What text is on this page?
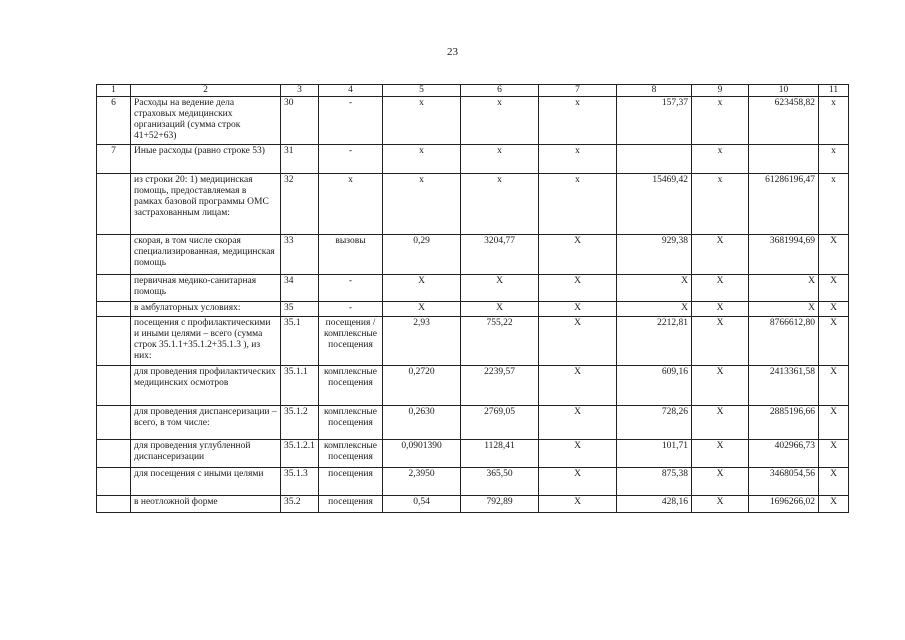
23
1	2	3	4	5	6	7	8	9	10	11
6	Расходы на ведение дела страховых медицинских организаций (сумма строк 41+52+63)	30	-	x	x	x	157,37	x	623458,82	x
7	Иные расходы (равно строке 53)	31	-	x	x	x		x		x
	из строки 20: 1) медицинская помощь, предоставляемая в рамках базовой программы ОМС застрахованным лицам:	32	x	x	x	x	15469,42	x	61286196,47	x
	скорая, в том числе скорая специализированная, медицинская помощь	33	вызовы	0,29	3204,77	X	929,38	X	3681994,69	X
	первичная медико-санитарная помощь	34	-	X	X	X	X	X	X	X
	в амбулаторных условиях:	35	-	X	X	X	X	X	X	X
	посещения с профилактическими и иными целями – всего (сумма строк 35.1.1+35.1.2+35.1.3 ), из них:	35.1	посещения / комплексные посещения	2,93	755,22	X	2212,81	X	8766612,80	X
	для проведения профилактических медицинских осмотров	35.1.1	комплексные посещения	0,2720	2239,57	X	609,16	X	2413361,58	X
	для проведения диспансеризации – всего, в том числе:	35.1.2	комплексные посещения	0,2630	2769,05	X	728,26	X	2885196,66	X
	для проведения углубленной диспансеризации	35.1.2.1	комплексные посещения	0,0901390	1128,41	X	101,71	X	402966,73	X
	для посещения с иными целями	35.1.3	посещения	2,3950	365,50	X	875,38	X	3468054,56	X
	в неотложной форме	35.2	посещения	0,54	792,89	X	428,16	X	1696266,02	X
